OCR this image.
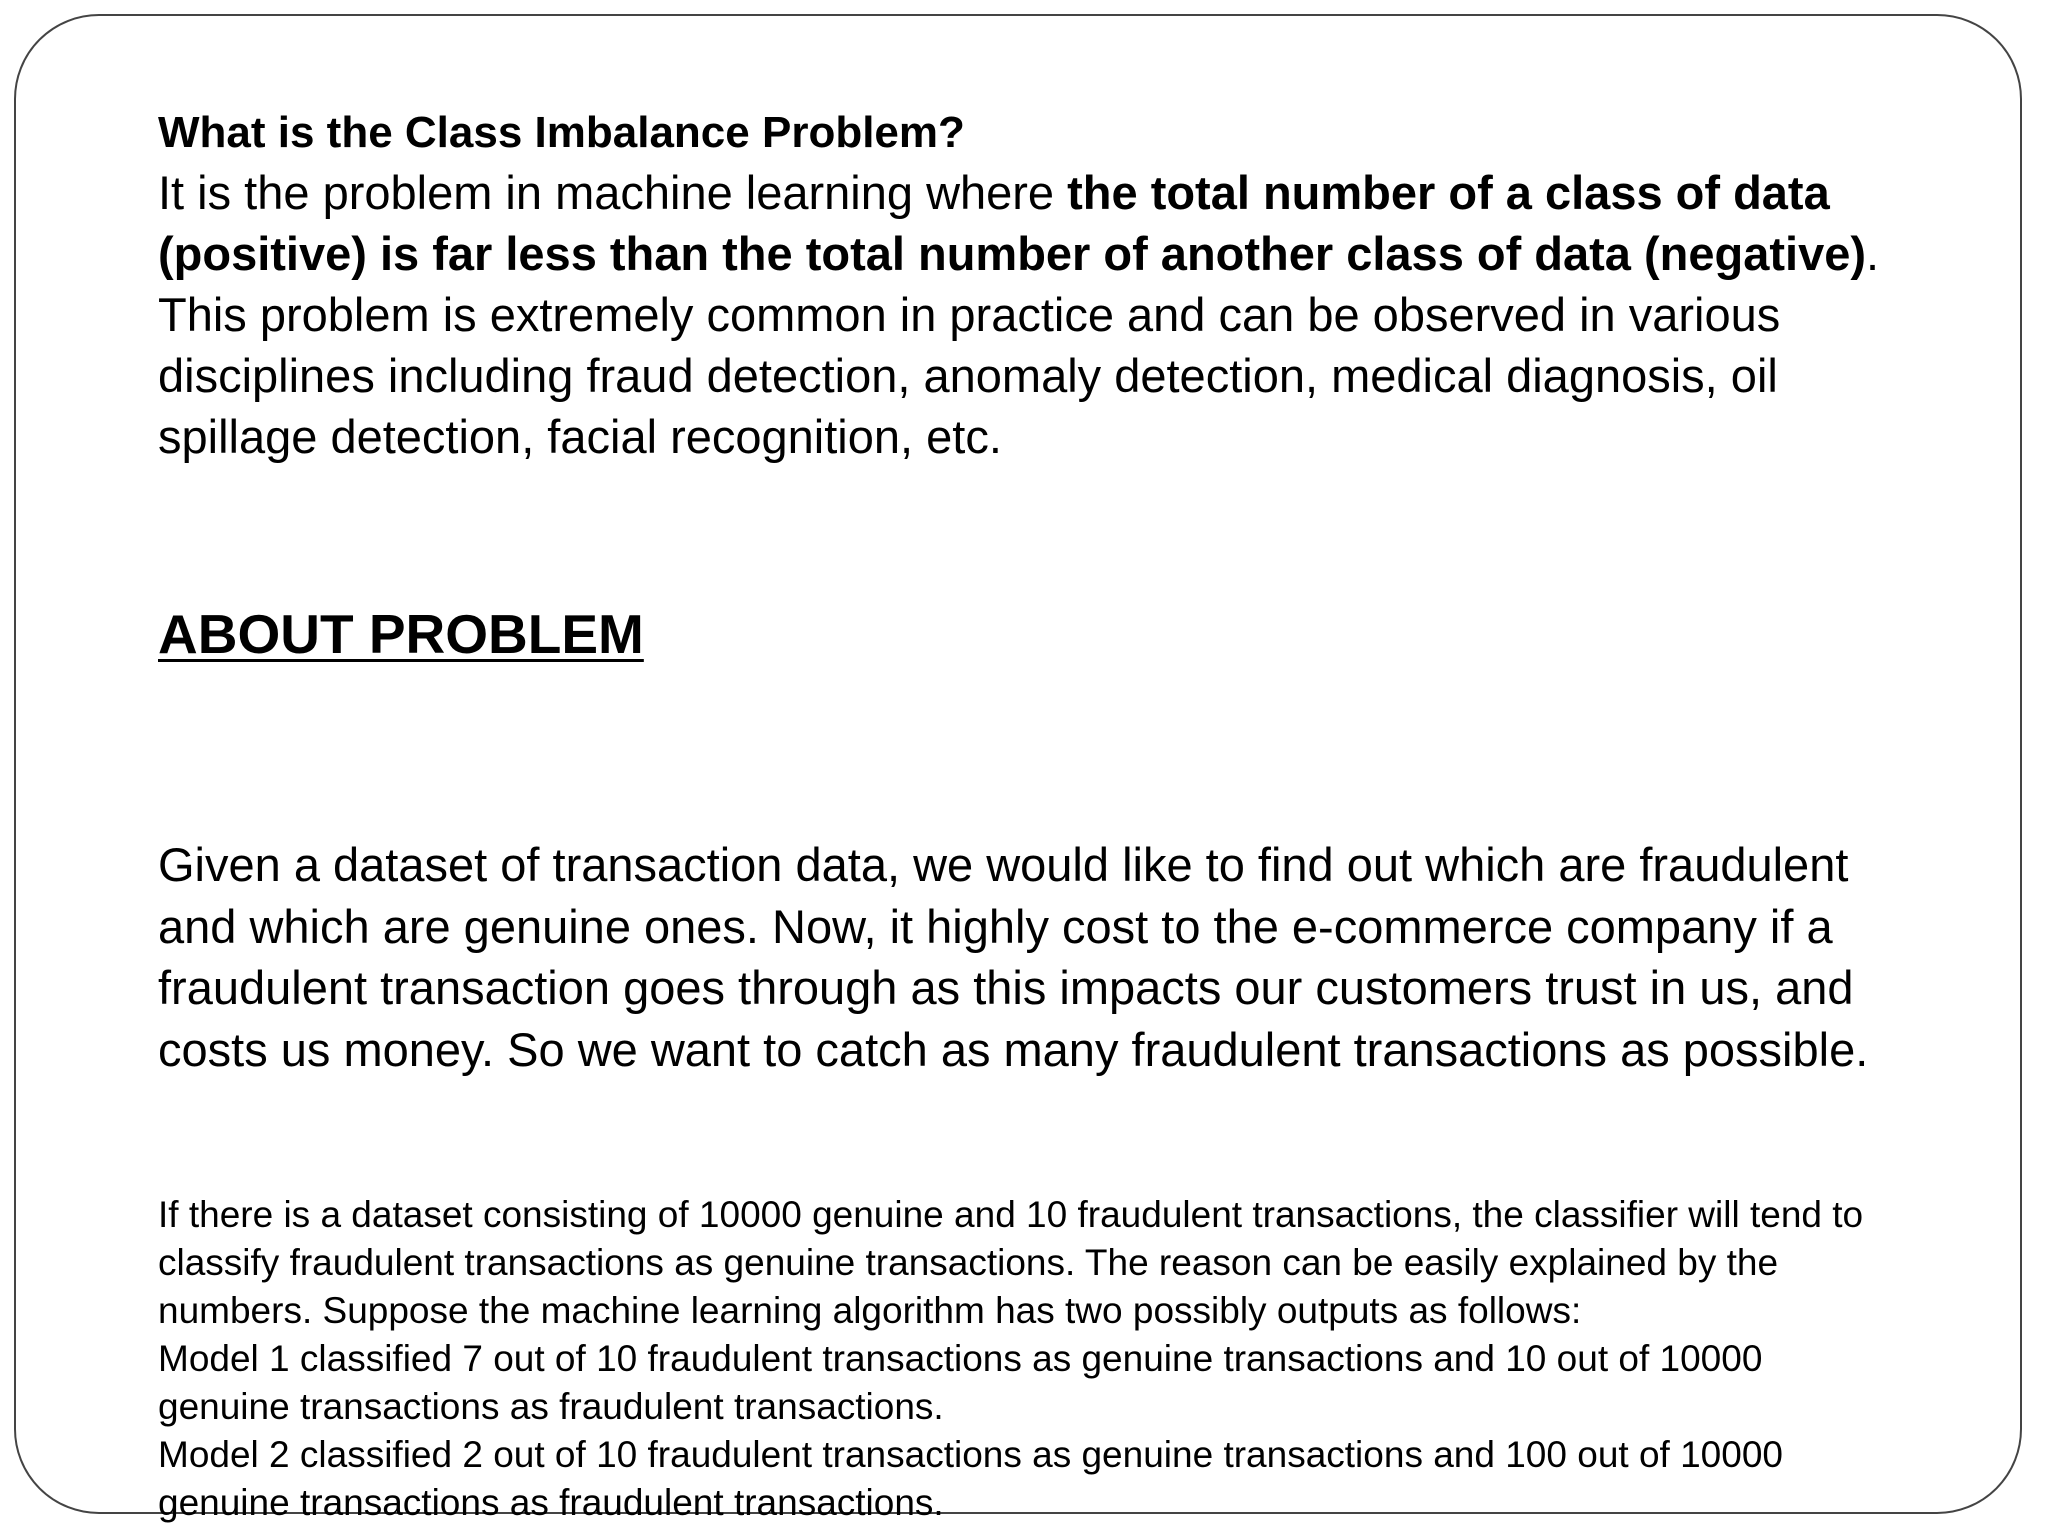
What is the Class Imbalance Problem?

It is the problem in machine learning where the total number of a class of data (positive) is far less than the total number of another class of data (negative). This problem is extremely common in practice and can be observed in various disciplines including fraud detection, anomaly detection, medical diagnosis, oil spillage detection, facial recognition, etc.

ABOUT PROBLEM

Given a dataset of transaction data, we would like to find out which are fraudulent and which are genuine ones. Now, it highly cost to the e-commerce company if a fraudulent transaction goes through as this impacts our customers trust in us, and costs us money. So we want to catch as many fraudulent transactions as possible.

If there is a dataset consisting of 10000 genuine and 10 fraudulent transactions, the classifier will tend to classify fraudulent transactions as genuine transactions. The reason can be easily explained by the numbers. Suppose the machine learning algorithm has two possibly outputs as follows:

Model 1 classified 7 out of 10 fraudulent transactions as genuine transactions and 10 out of 10000 genuine transactions as fraudulent transactions.

Model 2 classified 2 out of 10 fraudulent transactions as genuine transactions and 100 out of 10000 genuine transactions as fraudulent transactions.
